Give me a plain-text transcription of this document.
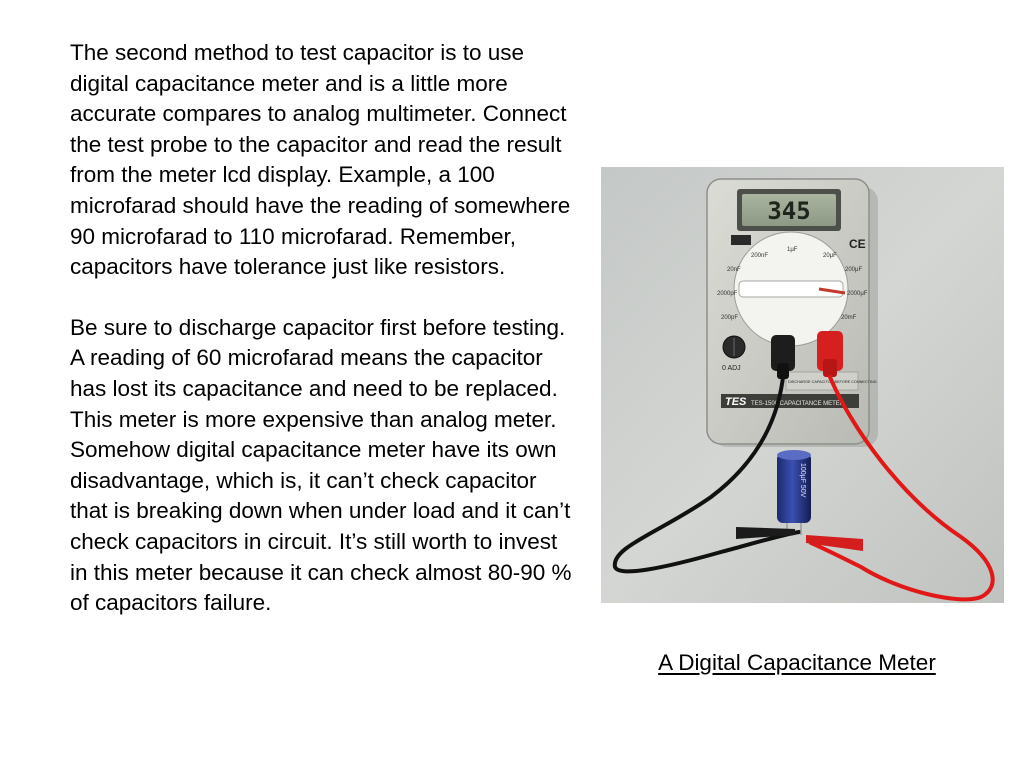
The second method to test capacitor is to use digital capacitance meter and is a little more accurate compares to analog multimeter. Connect the test probe to the capacitor and read the result from the meter lcd display. Example, a 100 microfarad should have the reading of somewhere 90 microfarad to 110 microfarad. Remember, capacitors have tolerance just like resistors.

Be sure to discharge capacitor first before testing. A reading of 60 microfarad means the capacitor has lost its capacitance and need to be replaced. This meter is more expensive than analog meter. Somehow digital capacitance meter have its own disadvantage, which is, it can’t check capacitor that is breaking down when under load and it can’t check capacitors in circuit. It’s still worth to invest in this meter because it can check almost 80-90 % of capacitors failure.

345
CE
200nF
1μF
20μF
200μF
2000μF
20mF
2000pF
200pF
20nF
0 ADJ
DISCHARGE CAPACITOR BEFORE CONNECTING
TES TES-1500 CAPACITANCE METER
100μF 50V
A Digital Capacitance Meter
